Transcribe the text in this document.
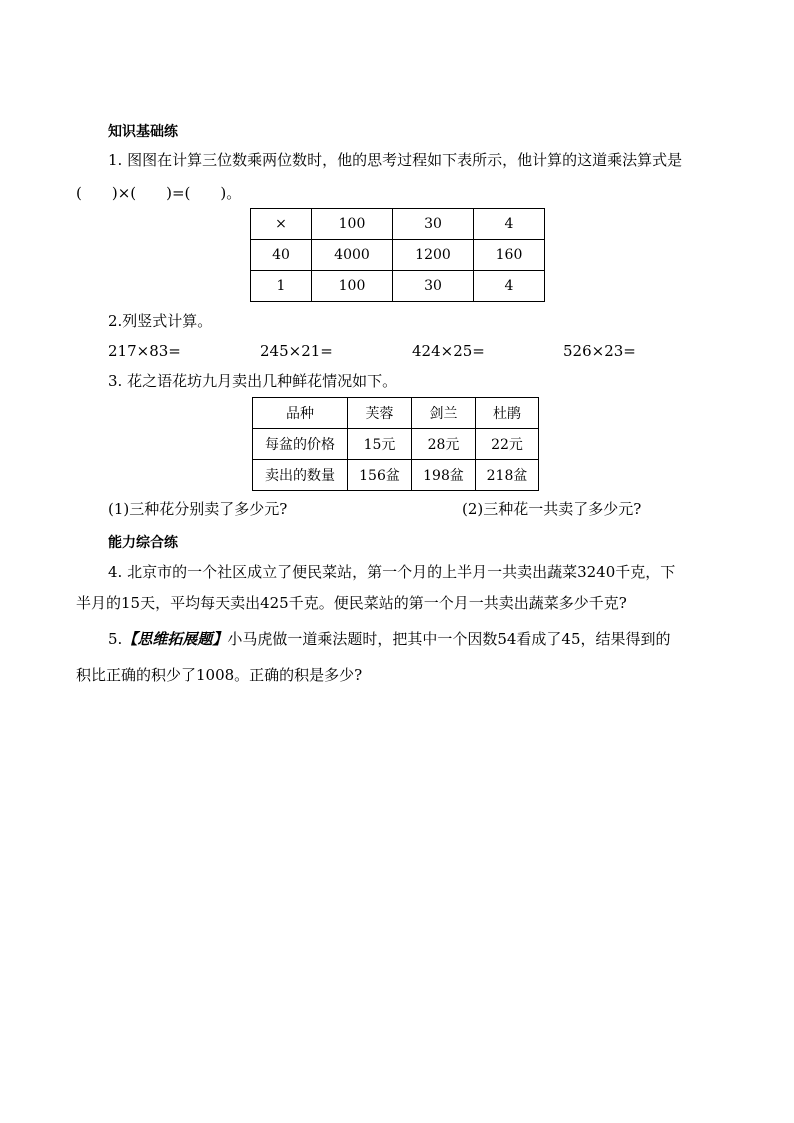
知识基础练
1. 图图在计算三位数乘两位数时，他的思考过程如下表所示，他计算的这道乘法算式是
(　　)×(　　)=(　　)。
×	100	30	4
40	4000	1200	160
1	100	30	4
2.列竖式计算。
217×83=	245×21=	424×25=	526×23=
3. 花之语花坊九月卖出几种鲜花情况如下。
品种	芙蓉	剑兰	杜鹃
每盆的价格	15元	28元	22元
卖出的数量	156盆	198盆	218盆
(1)三种花分别卖了多少元?	(2)三种花一共卖了多少元?
能力综合练
4. 北京市的一个社区成立了便民菜站，第一个月的上半月一共卖出蔬菜3240千克，下
半月的15天，平均每天卖出425千克。便民菜站的第一个月一共卖出蔬菜多少千克?
5.【思维拓展题】小马虎做一道乘法题时，把其中一个因数54看成了45，结果得到的
积比正确的积少了1008。正确的积是多少?
